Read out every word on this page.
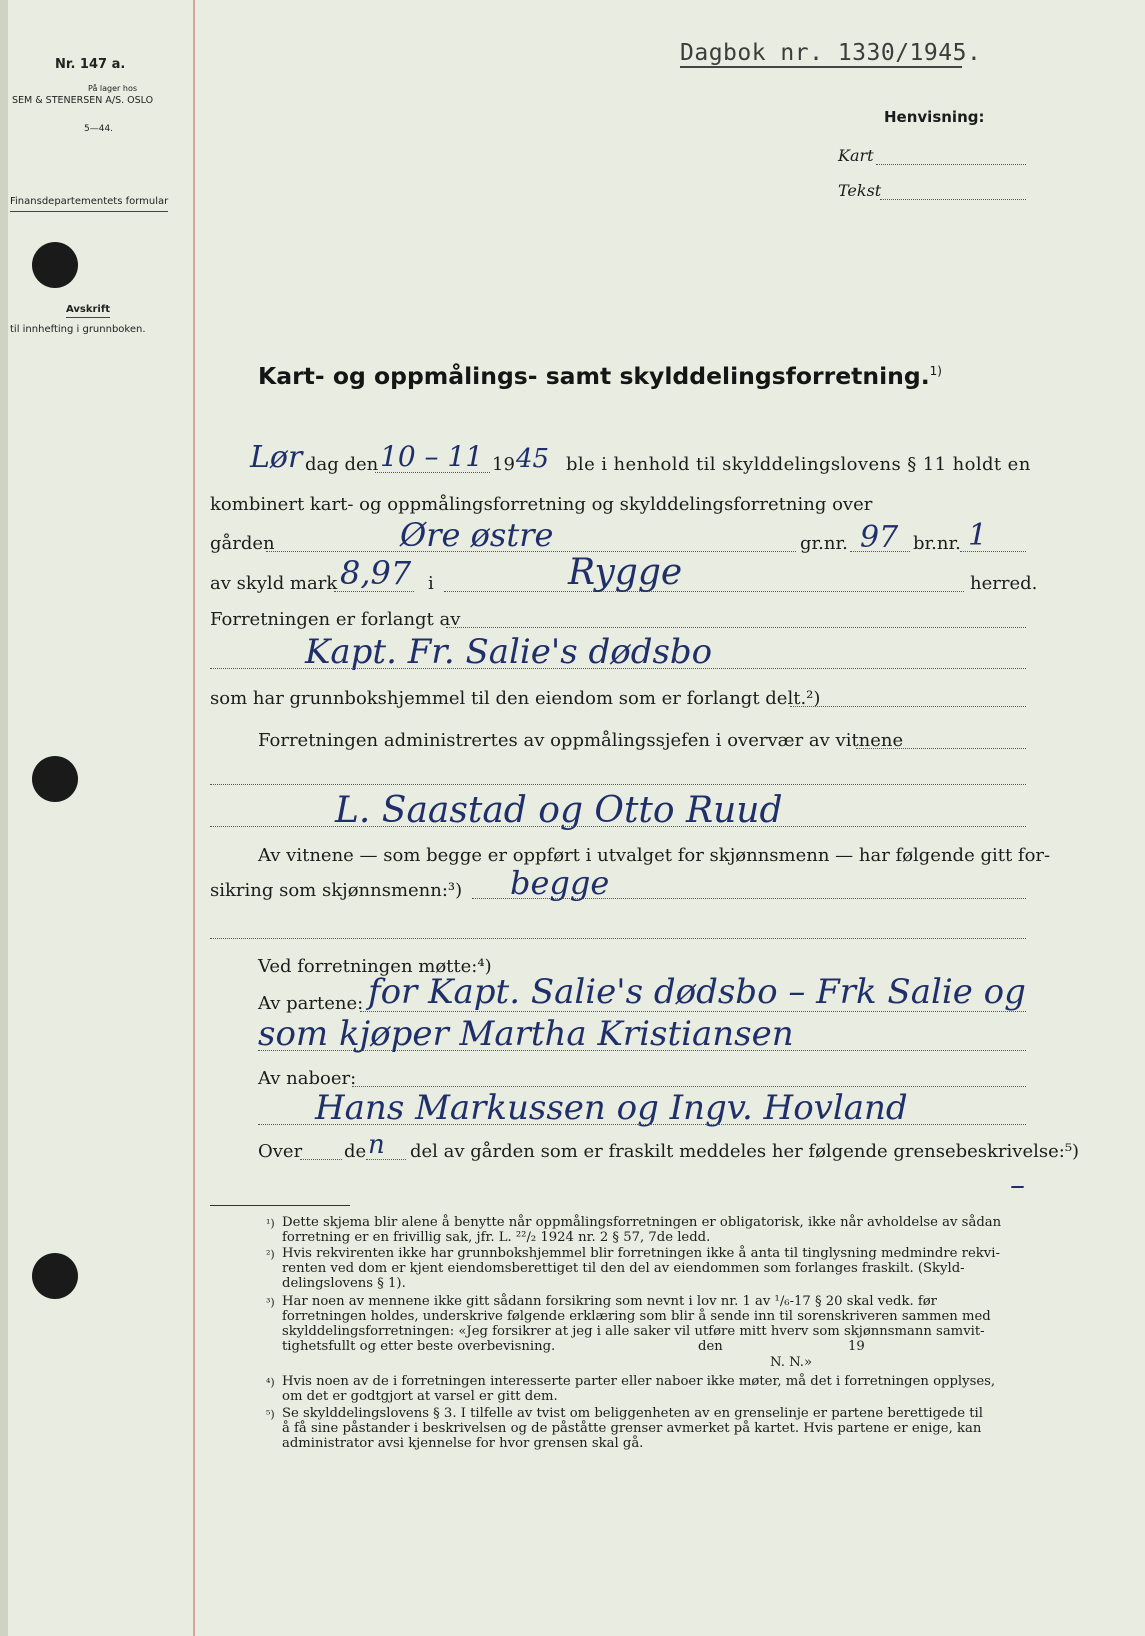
Nr. 147 a.
På lager hos
SEM & STENERSEN A/S. OSLO
5—44.
Finansdepartementets formular
Avskrift
til innhefting i grunnboken.
Dagbok nr. 1330/1945.
Henvisning:
Kart
Tekst
Kart- og oppmålings- samt skylddelingsforretning.$^{1)}$
Lør dag den 10 – 11 19 45 ble i henhold til skylddelingslovens § 11 holdt en
kombinert kart- og oppmålingsforretning og skylddelingsforretning over
gården	Øre østre	gr.nr. 97 br.nr. 1
av skyld mark 8,97 i	Rygge	herred.
Forretningen er forlangt av
Kapt. Fr. Salie's dødsbo
som har grunnbokshjemmel til den eiendom som er forlangt delt.²)
Forretningen administrertes av oppmålingssjefen i overvær av vitnene
L. Saastad og Otto Ruud
Av vitnene — som begge er oppført i utvalget for skjønnsmenn — har følgende gitt for-
sikring som skjønnsmenn:³) begge
Ved forretningen møtte:⁴)
Av partene: for Kapt. Salie's dødsbo – Frk Salie og
som kjøper Martha Kristiansen
Av naboer:
Hans Markussen og Ingv. Hovland
Over de n del av gården som er fraskilt meddeles her følgende grensebeskrivelse:⁵)
–
¹) Dette skjema blir alene å benytte når oppmålingsforretningen er obligatorisk, ikke når avholdelse av sådan
forretning er en frivillig sak, jfr. L. ²²/₂ 1924 nr. 2 § 57, 7de ledd.
²) Hvis rekvirenten ikke har grunnbokshjemmel blir forretningen ikke å anta til tinglysning medmindre rekvi-
renten ved dom er kjent eiendomsberettiget til den del av eiendommen som forlanges fraskilt. (Skyld-
delingslovens § 1).
³) Har noen av mennene ikke gitt sådann forsikring som nevnt i lov nr. 1 av ¹/₆-17 § 20 skal vedk. før
forretningen holdes, underskrive følgende erklæring som blir å sende inn til sorenskriveren sammen med
skylddelingsforretningen: «Jeg forsikrer at jeg i alle saker vil utføre mitt hverv som skjønnsmann samvit-
tighetsfullt og etter beste overbevisning.	den	19
N. N.»
⁴) Hvis noen av de i forretningen interesserte parter eller naboer ikke møter, må det i forretningen opplyses,
om det er godtgjort at varsel er gitt dem.
⁵) Se skylddelingslovens § 3. I tilfelle av tvist om beliggenheten av en grenselinje er partene berettigede til
å få sine påstander i beskrivelsen og de påståtte grenser avmerket på kartet. Hvis partene er enige, kan
administrator avsi kjennelse for hvor grensen skal gå.
